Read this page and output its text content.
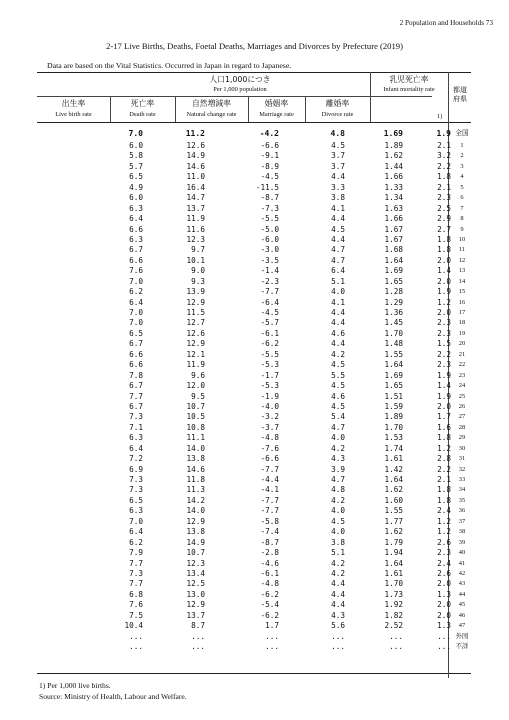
2 Population and Households 73
2-17 Live Births, Deaths, Foetal Deaths, Marriages and Divorces by Prefecture (2019)
Data are based on the Vital Statistics. Occurred in Japan in regard to Japanese.
人口1,000につき
Per 1,000 population
乳児死亡率
Infant mortality rate
1)
都道府県
出生率
Live birth rate
死亡率
Death rate
自然増減率
Natural change rate
婚姻率
Marriage rate
離婚率
Divorce rate
7.0	11.2	-4.2	4.8	1.69	1.9 全国
6.0	12.6	-6.6	4.5	1.89	2.1	1
5.8	14.9	-9.1	3.7	1.62	3.2	2
5.7	14.6	-8.9	3.7	1.44	2.2	3
6.5	11.0	-4.5	4.4	1.66	1.8	4
4.9	16.4	-11.5	3.3	1.33	2.1	5
6.0	14.7	-8.7	3.8	1.34	2.3	6
6.3	13.7	-7.3	4.1	1.63	2.5	7
6.4	11.9	-5.5	4.4	1.66	2.9	8
6.6	11.6	-5.0	4.5	1.67	2.7	9
6.3	12.3	-6.0	4.4	1.67	1.8	10
6.7	9.7	-3.0	4.7	1.68	1.8	11
6.6	10.1	-3.5	4.7	1.64	2.0	12
7.6	9.0	-1.4	6.4	1.69	1.4	13
7.0	9.3	-2.3	5.1	1.65	2.0	14
6.2	13.9	-7.7	4.0	1.28	1.9	15
6.4	12.9	-6.4	4.1	1.29	1.2	16
7.0	11.5	-4.5	4.4	1.36	2.0	17
7.0	12.7	-5.7	4.4	1.45	2.3	18
6.5	12.6	-6.1	4.6	1.70	2.3	19
6.7	12.9	-6.2	4.4	1.48	1.5	20
6.6	12.1	-5.5	4.2	1.55	2.2	21
6.6	11.9	-5.3	4.5	1.64	2.3	22
7.8	9.6	-1.7	5.5	1.69	1.9	23
6.7	12.0	-5.3	4.5	1.65	1.4	24
7.7	9.5	-1.9	4.6	1.51	1.9	25
6.7	10.7	-4.0	4.5	1.59	2.0	26
7.3	10.5	-3.2	5.4	1.89	1.7	27
7.1	10.8	-3.7	4.7	1.70	1.6	28
6.3	11.1	-4.8	4.0	1.53	1.8	29
6.4	14.0	-7.6	4.2	1.74	1.2	30
7.2	13.8	-6.6	4.3	1.61	2.8	31
6.9	14.6	-7.7	3.9	1.42	2.2	32
7.3	11.8	-4.4	4.7	1.64	2.1	33
7.3	11.3	-4.1	4.8	1.62	1.8	34
6.5	14.2	-7.7	4.2	1.60	1.8	35
6.3	14.0	-7.7	4.0	1.55	2.4	36
7.0	12.9	-5.8	4.5	1.77	1.2	37
6.4	13.8	-7.4	4.0	1.62	1.2	38
6.2	14.9	-8.7	3.8	1.79	2.6	39
7.9	10.7	-2.8	5.1	1.94	2.3	40
7.7	12.3	-4.6	4.2	1.64	2.4	41
7.3	13.4	-6.1	4.2	1.61	2.6	42
7.7	12.5	-4.8	4.4	1.70	2.0	43
6.8	13.0	-6.2	4.4	1.73	1.3	44
7.6	12.9	-5.4	4.4	1.92	2.0	45
7.5	13.7	-6.2	4.3	1.82	2.0	46
10.4	8.7	1.7	5.6	2.52	1.3	47
...	...	...	...	...	... 外国
...	...	...	...	...	... 不詳
1) Per 1,000 live births.
Source: Ministry of Health, Labour and Welfare.
